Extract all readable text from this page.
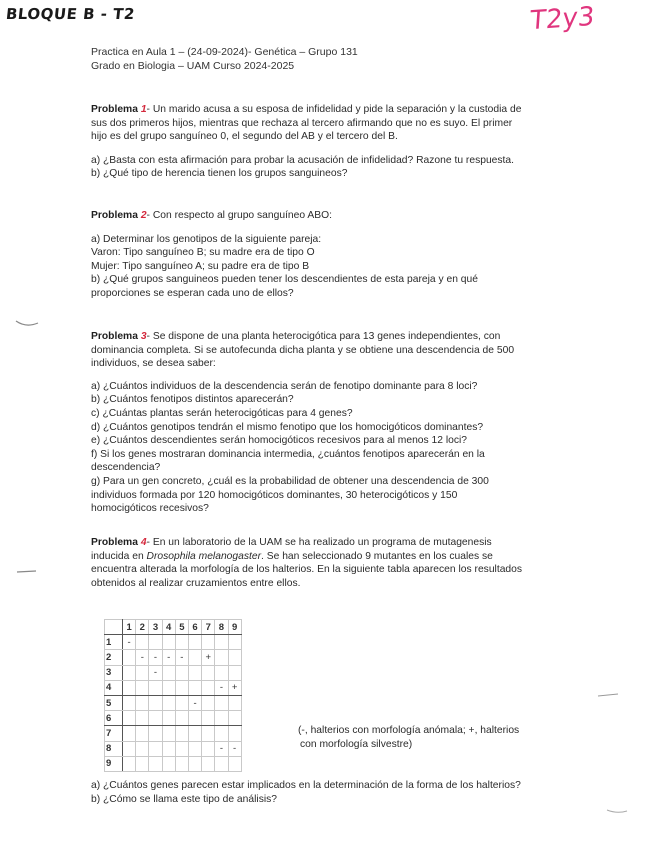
BLOQUE B - T2	T2y3
Practica en Aula 1 – (24-09-2024)- Genética – Grupo 131
Grado en Biologia – UAM Curso 2024-2025
Problema 1- Un marido acusa a su esposa de infidelidad y pide la separación y la custodia de
sus dos primeros hijos, mientras que rechaza al tercero afirmando que no es suyo. El primer
hijo es del grupo sanguíneo 0, el segundo del AB y el tercero del B.
a) ¿Basta con esta afirmación para probar la acusación de infidelidad? Razone tu respuesta.
b) ¿Qué tipo de herencia tienen los grupos sanguineos?
Problema 2- Con respecto al grupo sanguíneo ABO:
a) Determinar los genotipos de la siguiente pareja:
Varon: Tipo sanguíneo B; su madre era de tipo O
Mujer: Tipo sanguíneo A; su padre era de tipo B
b) ¿Qué grupos sanguineos pueden tener los descendientes de esta pareja y en qué
proporciones se esperan cada uno de ellos?
Problema 3- Se dispone de una planta heterocigótica para 13 genes independientes, con
dominancia completa. Si se autofecunda dicha planta y se obtiene una descendencia de 500
individuos, se desea saber:
a) ¿Cuántos individuos de la descendencia serán de fenotipo dominante para 8 loci?
b) ¿Cuántos fenotipos distintos aparecerán?
c) ¿Cuántas plantas serán heterocigóticas para 4 genes?
d) ¿Cuántos genotipos tendrán el mismo fenotipo que los homocigóticos dominantes?
e) ¿Cuántos descendientes serán homocigóticos recesivos para al menos 12 loci?
f) Si los genes mostraran dominancia intermedia, ¿cuántos fenotipos aparecerán en la
descendencia?
g) Para un gen concreto, ¿cuál es la probabilidad de obtener una descendencia de 300
individuos formada por 120 homocigóticos dominantes, 30 heterocigóticos y 150
homocigóticos recesivos?
Problema 4- En un laboratorio de la UAM se ha realizado un programa de mutagenesis
inducida en Drosophila melanogaster. Se han seleccionado 9 mutantes en los cuales se
encuentra alterada la morfología de los halterios. En la siguiente tabla aparecen los resultados
obtenidos al realizar cruzamientos entre ellos.
	1	2	3	4	5	6	7	8	9
1	-								
2		-	-	-	-		+		
3			-						
4								-	+
5						-			
6									
7									
8								-	-
9									
(-, halterios con morfología anómala; +, halterios
con morfología silvestre)
a) ¿Cuántos genes parecen estar implicados en la determinación de la forma de los halterios?
b) ¿Cómo se llama este tipo de análisis?
